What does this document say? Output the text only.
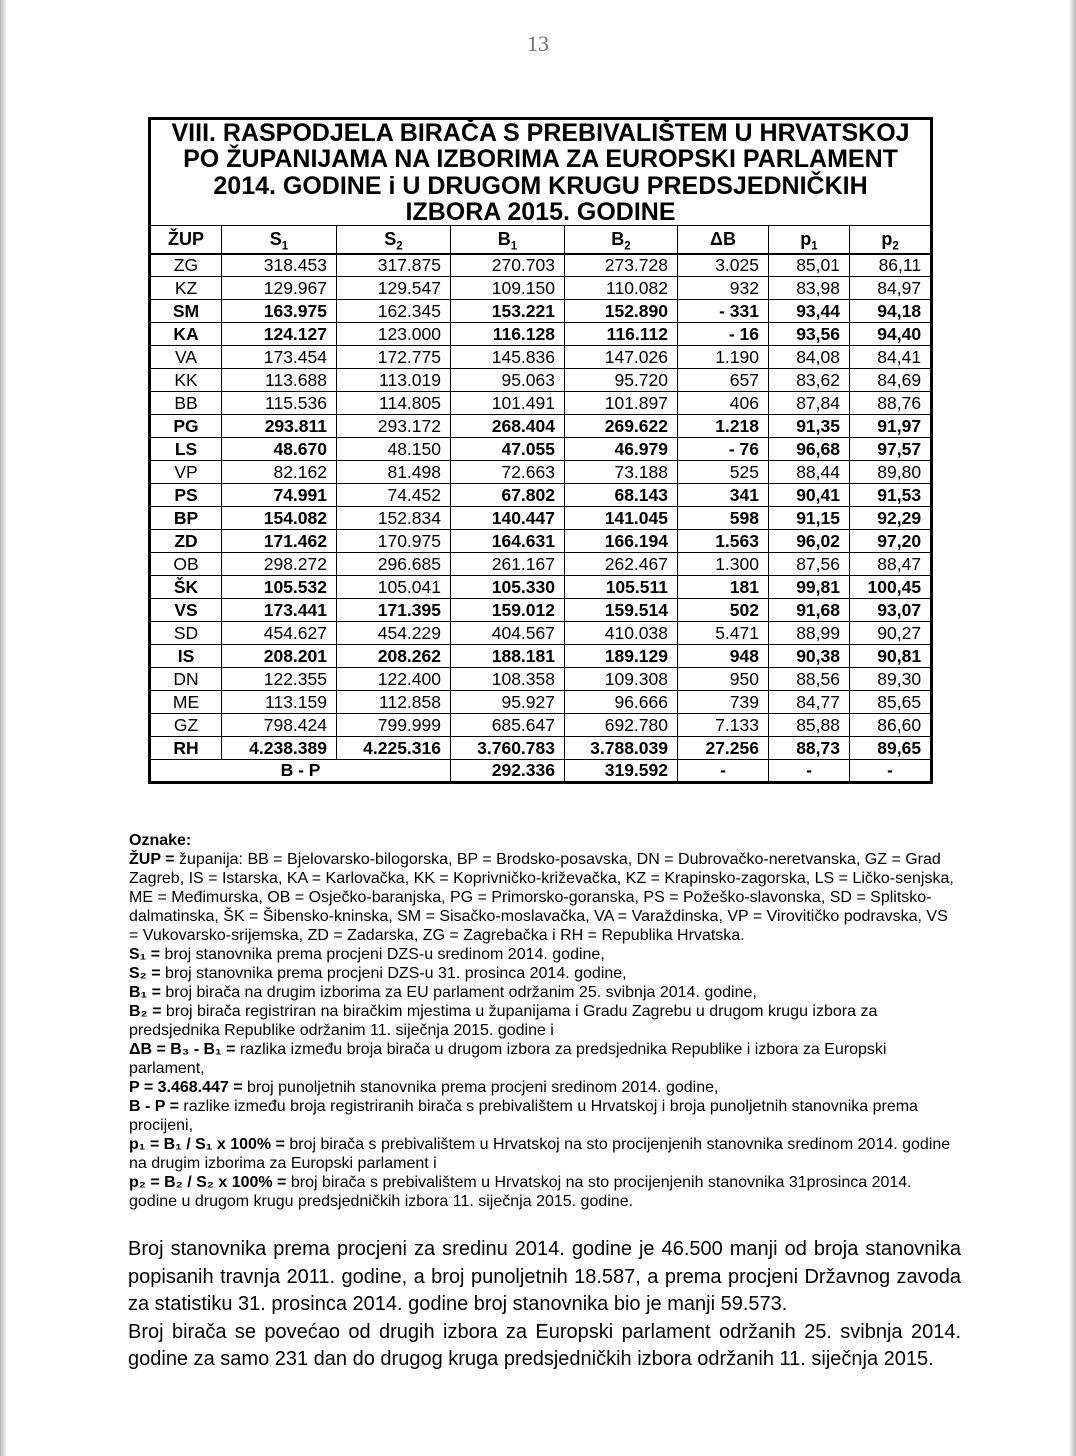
13
VIII. RASPODJELA BIRAČA S PREBIVALIŠTEM U HRVATSKOJ
PO ŽUPANIJAMA NA IZBORIMA ZA EUROPSKI PARLAMENT
2014. GODINE i U DRUGOM KRUGU PREDSJEDNIČKIH
IZBORA 2015. GODINE							

ŽUP	$S_1$	$S_2$	$B_1$	$B_2$	ΔB	$p_1$	$p_2$
ZG	318.453	317.875	270.703	273.728	3.025	85,01	86,11
KZ	129.967	129.547	109.150	110.082	932	83,98	84,97
SM	163.975	162.345	153.221	152.890	- 331	93,44	94,18
KA	124.127	123.000	116.128	116.112	- 16	93,56	94,40
VA	173.454	172.775	145.836	147.026	1.190	84,08	84,41
KK	113.688	113.019	95.063	95.720	657	83,62	84,69
BB	115.536	114.805	101.491	101.897	406	87,84	88,76
PG	293.811	293.172	268.404	269.622	1.218	91,35	91,97
LS	48.670	48.150	47.055	46.979	- 76	96,68	97,57
VP	82.162	81.498	72.663	73.188	525	88,44	89,80
PS	74.991	74.452	67.802	68.143	341	90,41	91,53
BP	154.082	152.834	140.447	141.045	598	91,15	92,29
ZD	171.462	170.975	164.631	166.194	1.563	96,02	97,20
OB	298.272	296.685	261.167	262.467	1.300	87,56	88,47
ŠK	105.532	105.041	105.330	105.511	181	99,81	100,45
VS	173.441	171.395	159.012	159.514	502	91,68	93,07
SD	454.627	454.229	404.567	410.038	5.471	88,99	90,27
IS	208.201	208.262	188.181	189.129	948	90,38	90,81
DN	122.355	122.400	108.358	109.308	950	88,56	89,30
ME	113.159	112.858	95.927	96.666	739	84,77	85,65
GZ	798.424	799.999	685.647	692.780	7.133	85,88	86,60
RH	4.238.389	4.225.316	3.760.783	3.788.039	27.256	88,73	89,65
B - P			292.336	319.592	-	-	-
Oznake:
ŽUP = županija: BB = Bjelovarsko-bilogorska, BP = Brodsko-posavska, DN = Dubrovačko-neretvanska, GZ = Grad Zagreb, IS = Istarska, KA = Karlovačka, KK = Koprivničko-križevačka, KZ = Krapinsko-zagorska, LS = Ličko-senjska, ME = Međimurska, OB = Osječko-baranjska, PG = Primorsko-goranska, PS = Požeško-slavonska, SD = Splitsko-dalmatinska, ŠK = Šibensko-kninska, SM = Sisačko-moslavačka, VA = Varaždinska, VP = Virovitičko podravska, VS = Vukovarsko-srijemska, ZD = Zadarska, ZG = Zagrebačka i RH = Republika Hrvatska.
S₁ = broj stanovnika prema procjeni DZS-u sredinom 2014. godine,
S₂ = broj stanovnika prema procjeni DZS-u 31. prosinca 2014. godine,
B₁ = broj birača na drugim izborima za EU parlament održanim 25. svibnja 2014. godine,
B₂ = broj birača registriran na biračkim mjestima u županijama i Gradu Zagrebu u drugom krugu izbora za predsjednika Republike održanim 11. siječnja 2015. godine i
ΔB = B₃ - B₁ = razlika između broja birača u drugom izbora za predsjednika Republike i izbora za Europski parlament,
P = 3.468.447 = broj punoljetnih stanovnika prema procjeni sredinom 2014. godine,
B - P = razlike između broja registriranih birača s prebivalištem u Hrvatskoj i broja punoljetnih stanovnika prema procijeni,
p₁ = B₁ / S₁ x 100% = broj birača s prebivalištem u Hrvatskoj na sto procijenjenih stanovnika sredinom 2014. godine na drugim izborima za Europski parlament i
p₂ = B₂ / S₂ x 100% = broj birača s prebivalištem u Hrvatskoj na sto procijenjenih stanovnika 31prosinca 2014. godine u drugom krugu predsjedničkih izbora 11. siječnja 2015. godine.

Broj stanovnika prema procjeni za sredinu 2014. godine je 46.500 manji od broja stanovnika popisanih travnja 2011. godine, a broj punoljetnih 18.587, a prema procjeni Državnog zavoda za statistiku 31. prosinca 2014. godine broj stanovnika bio je manji 59.573.

Broj birača se povećao od drugih izbora za Europski parlament održanih 25. svibnja 2014. godine za samo 231 dan do drugog kruga predsjedničkih izbora održanih 11. siječnja 2015.
